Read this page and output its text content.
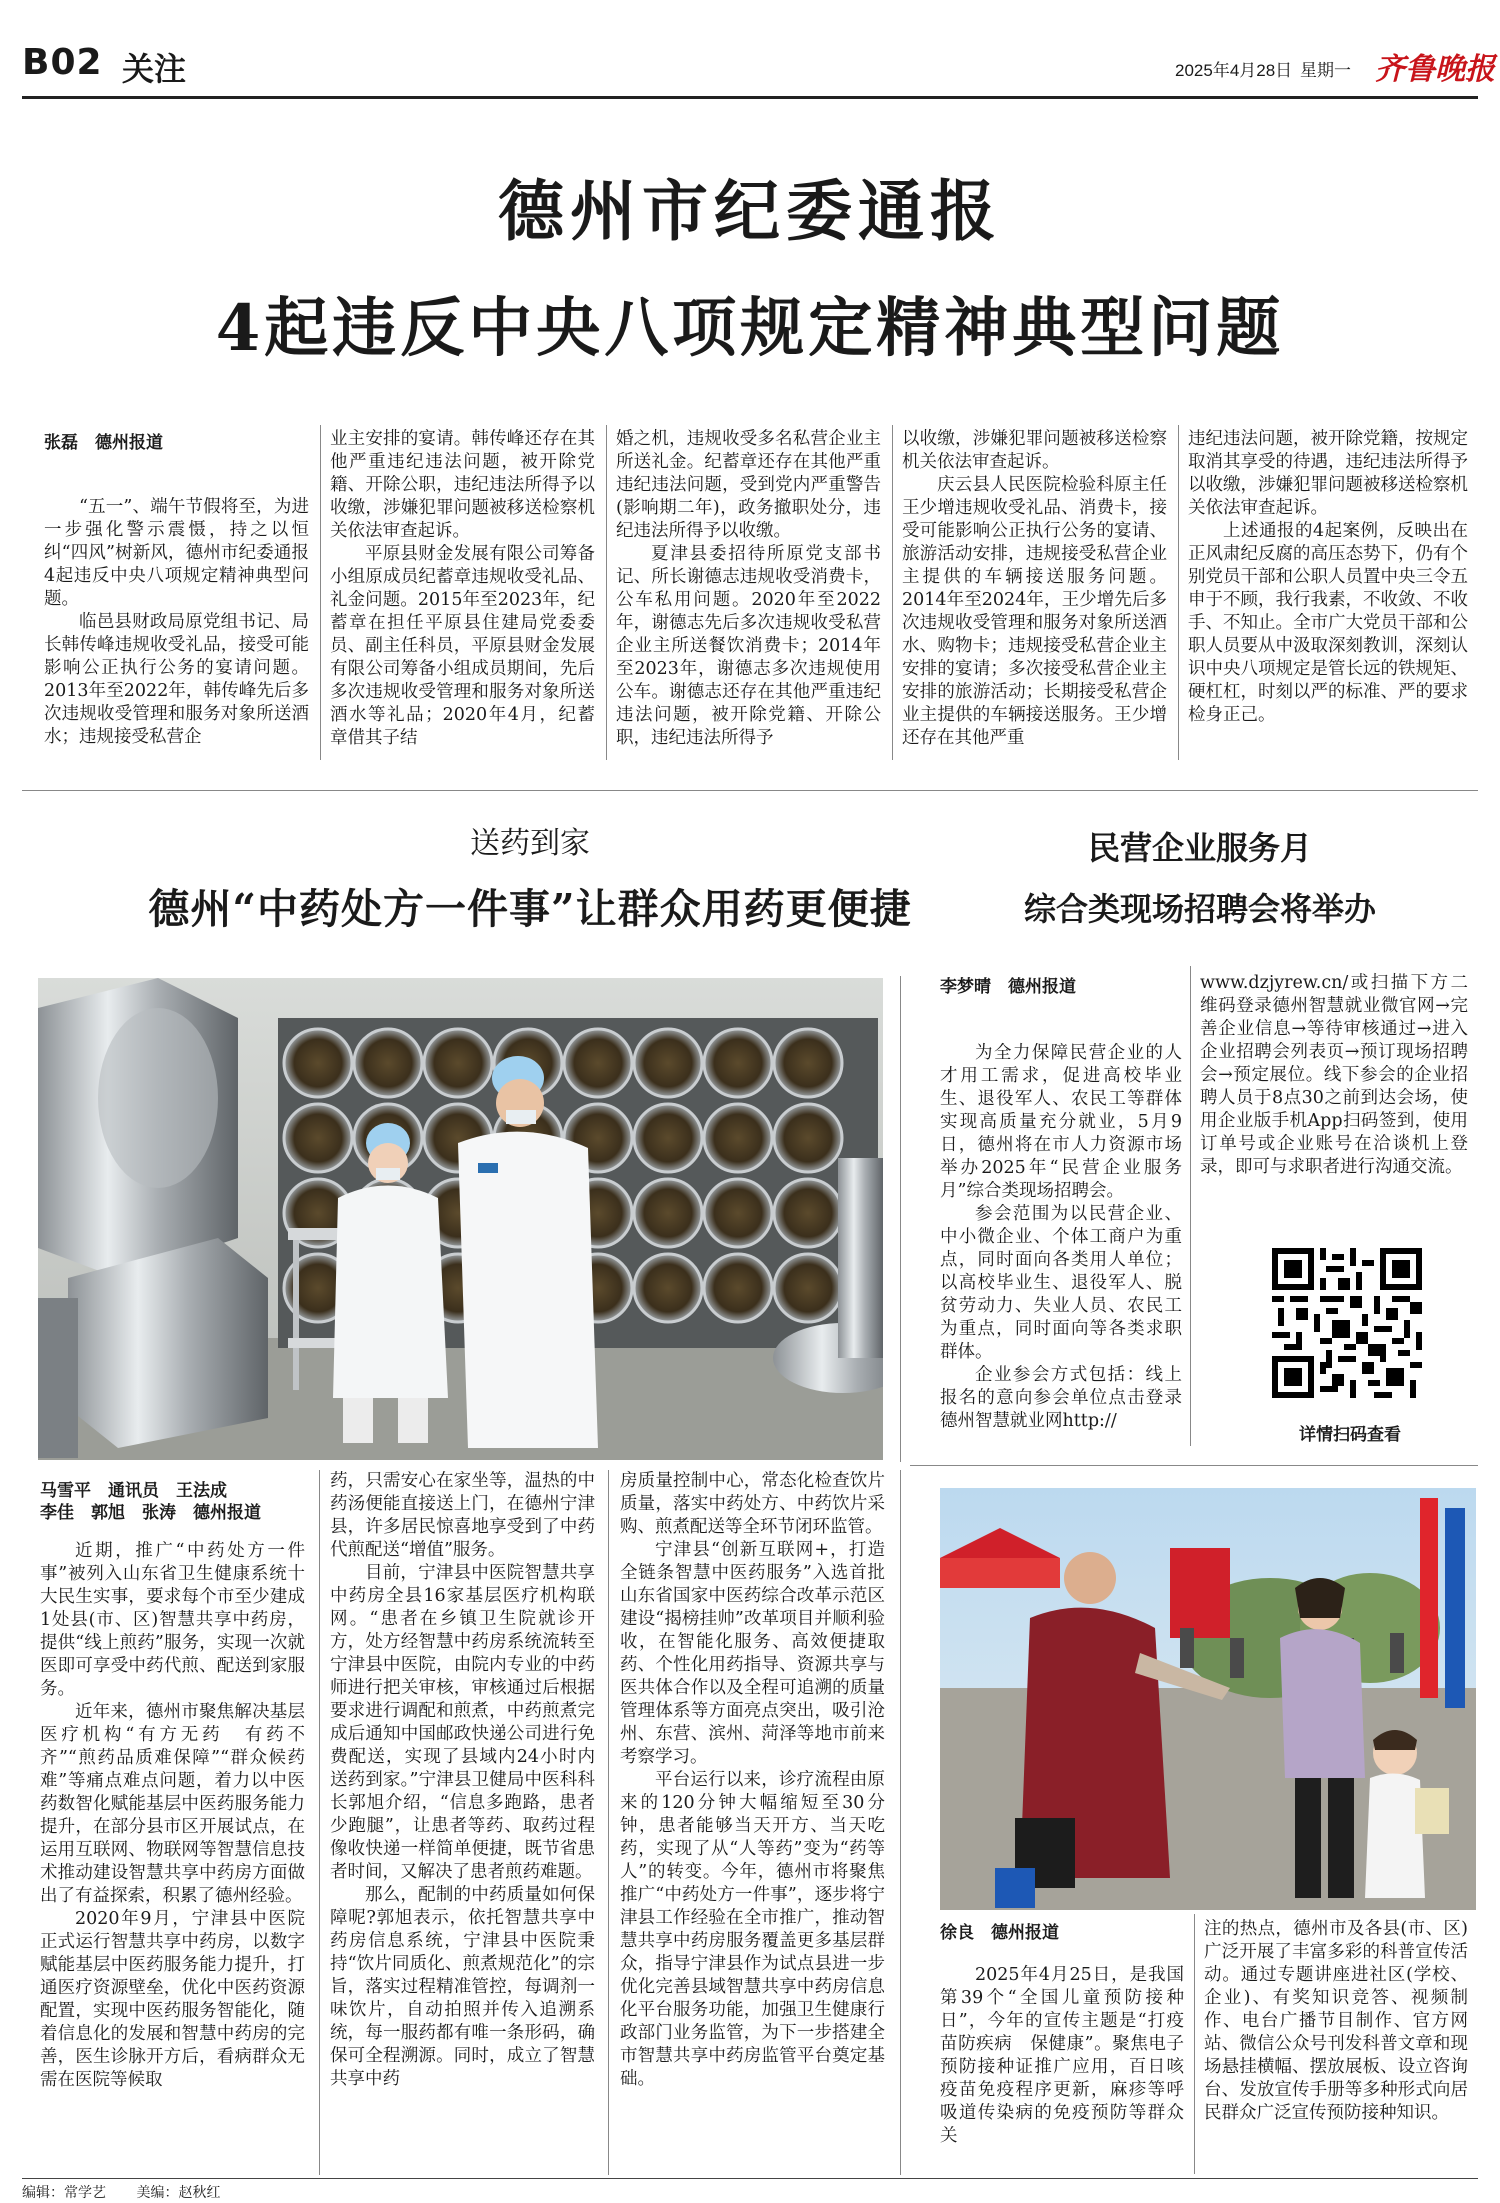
B02 关注	2025年4月28日 星期一 齐鲁晚报
德州市纪委通报
4起违反中央八项规定精神典型问题
张磊　德州报道

“五一”、端午节假将至，为进一步强化警示震慑，持之以恒纠“四风”树新风，德州市纪委通报4起违反中央八项规定精神典型问题。

临邑县财政局原党组书记、局长韩传峰违规收受礼品，接受可能影响公正执行公务的宴请问题。2013年至2022年，韩传峰先后多次违规收受管理和服务对象所送酒水；违规接受私营企

业主安排的宴请。韩传峰还存在其他严重违纪违法问题，被开除党籍、开除公职，违纪违法所得予以收缴，涉嫌犯罪问题被移送检察机关依法审查起诉。

平原县财金发展有限公司筹备小组原成员纪蓄章违规收受礼品、礼金问题。2015年至2023年，纪蓄章在担任平原县住建局党委委员、副主任科员，平原县财金发展有限公司筹备小组成员期间，先后多次违规收受管理和服务对象所送酒水等礼品；2020年4月，纪蓄章借其子结

婚之机，违规收受多名私营企业主所送礼金。纪蓄章还存在其他严重违纪违法问题，受到党内严重警告(影响期二年)，政务撤职处分，违纪违法所得予以收缴。

夏津县委招待所原党支部书记、所长谢德志违规收受消费卡，公车私用问题。2020年至2022年，谢德志先后多次违规收受私营企业主所送餐饮消费卡；2014年至2023年，谢德志多次违规使用公车。谢德志还存在其他严重违纪违法问题，被开除党籍、开除公职，违纪违法所得予

以收缴，涉嫌犯罪问题被移送检察机关依法审查起诉。

庆云县人民医院检验科原主任王少增违规收受礼品、消费卡，接受可能影响公正执行公务的宴请、旅游活动安排，违规接受私营企业主提供的车辆接送服务问题。2014年至2024年，王少增先后多次违规收受管理和服务对象所送酒水、购物卡；违规接受私营企业主安排的宴请；多次接受私营企业主安排的旅游活动；长期接受私营企业主提供的车辆接送服务。王少增还存在其他严重

违纪违法问题，被开除党籍，按规定取消其享受的待遇，违纪违法所得予以收缴，涉嫌犯罪问题被移送检察机关依法审查起诉。

上述通报的4起案例，反映出在正风肃纪反腐的高压态势下，仍有个别党员干部和公职人员置中央三令五申于不顾，我行我素，不收敛、不收手、不知止。全市广大党员干部和公职人员要从中汲取深刻教训，深刻认识中央八项规定是管长远的铁规矩、硬杠杠，时刻以严的标准、严的要求检身正己。

送药到家
德州“中药处方一件事”让群众用药更便捷
马雪平　通讯员　王法成
李佳　郭旭　张涛　德州报道

近期，推广“中药处方一件事”被列入山东省卫生健康系统十大民生实事，要求每个市至少建成1处县(市、区)智慧共享中药房，提供“线上煎药”服务，实现一次就医即可享受中药代煎、配送到家服务。

近年来，德州市聚焦解决基层医疗机构“有方无药　有药不齐”“煎药品质难保障”“群众候药难”等痛点难点问题，着力以中医药数智化赋能基层中医药服务能力提升，在部分县市区开展试点，在运用互联网、物联网等智慧信息技术推动建设智慧共享中药房方面做出了有益探索，积累了德州经验。

2020年9月，宁津县中医院正式运行智慧共享中药房，以数字赋能基层中医药服务能力提升，打通医疗资源壁垒，优化中医药资源配置，实现中医药服务智能化，随着信息化的发展和智慧中药房的完善，医生诊脉开方后，看病群众无需在医院等候取

药，只需安心在家坐等，温热的中药汤便能直接送上门，在德州宁津县，许多居民惊喜地享受到了中药代煎配送“增值”服务。

目前，宁津县中医院智慧共享中药房全县16家基层医疗机构联网。“患者在乡镇卫生院就诊开方，处方经智慧中药房系统流转至宁津县中医院，由院内专业的中药师进行把关审核，审核通过后根据要求进行调配和煎煮，中药煎煮完成后通知中国邮政快递公司进行免费配送，实现了县域内24小时内送药到家。”宁津县卫健局中医科科长郭旭介绍，“信息多跑路，患者少跑腿”，让患者等药、取药过程像收快递一样简单便捷，既节省患者时间，又解决了患者煎药难题。

那么，配制的中药质量如何保障呢?郭旭表示，依托智慧共享中药房信息系统，宁津县中医院秉持“饮片同质化、煎煮规范化”的宗旨，落实过程精准管控，每调剂一味饮片，自动拍照并传入追溯系统，每一服药都有唯一条形码，确保可全程溯源。同时，成立了智慧共享中药

房质量控制中心，常态化检查饮片质量，落实中药处方、中药饮片采购、煎煮配送等全环节闭环监管。

宁津县“创新互联网+，打造全链条智慧中医药服务”入选首批山东省国家中医药综合改革示范区建设“揭榜挂帅”改革项目并顺利验收，在智能化服务、高效便捷取药、个性化用药指导、资源共享与医共体合作以及全程可追溯的质量管理体系等方面亮点突出，吸引沧州、东营、滨州、菏泽等地市前来考察学习。

平台运行以来，诊疗流程由原来的120分钟大幅缩短至30分钟，患者能够当天开方、当天吃药，实现了从“人等药”变为“药等人”的转变。今年，德州市将聚焦推广“中药处方一件事”，逐步将宁津县工作经验在全市推广，推动智慧共享中药房服务覆盖更多基层群众，指导宁津县作为试点县进一步优化完善县域智慧共享中药房信息化平台服务功能，加强卫生健康行政部门业务监管，为下一步搭建全市智慧共享中药房监管平台奠定基础。

民营企业服务月
综合类现场招聘会将举办
李梦晴　德州报道

为全力保障民营企业的人才用工需求，促进高校毕业生、退役军人、农民工等群体实现高质量充分就业，5月9日，德州将在市人力资源市场举办2025年“民营企业服务月”综合类现场招聘会。

参会范围为以民营企业、中小微企业、个体工商户为重点，同时面向各类用人单位；以高校毕业生、退役军人、脱贫劳动力、失业人员、农民工为重点，同时面向等各类求职群体。

企业参会方式包括：线上报名的意向参会单位点击登录德州智慧就业网http://

www.dzjyrew.cn/或扫描下方二维码登录德州智慧就业微官网→完善企业信息→等待审核通过→进入企业招聘会列表页→预订现场招聘会→预定展位。线下参会的企业招聘人员于8点30之前到达会场，使用企业版手机App扫码签到，使用订单号或企业账号在洽谈机上登录，即可与求职者进行沟通交流。

详情扫码查看
徐良　德州报道

2025年4月25日，是我国第39个“全国儿童预防接种日”，今年的宣传主题是“打疫苗防疾病　保健康”。聚焦电子预防接种证推广应用，百日咳疫苗免疫程序更新，麻疹等呼吸道传染病的免疫预防等群众关

注的热点，德州市及各县(市、区)广泛开展了丰富多彩的科普宣传活动。通过专题讲座进社区(学校、企业)、有奖知识竞答、视频制作、电台广播节目制作、官方网站、微信公众号刊发科普文章和现场悬挂横幅、摆放展板、设立咨询台、发放宣传手册等多种形式向居民群众广泛宣传预防接种知识。

编辑：常学艺 美编：赵秋红
